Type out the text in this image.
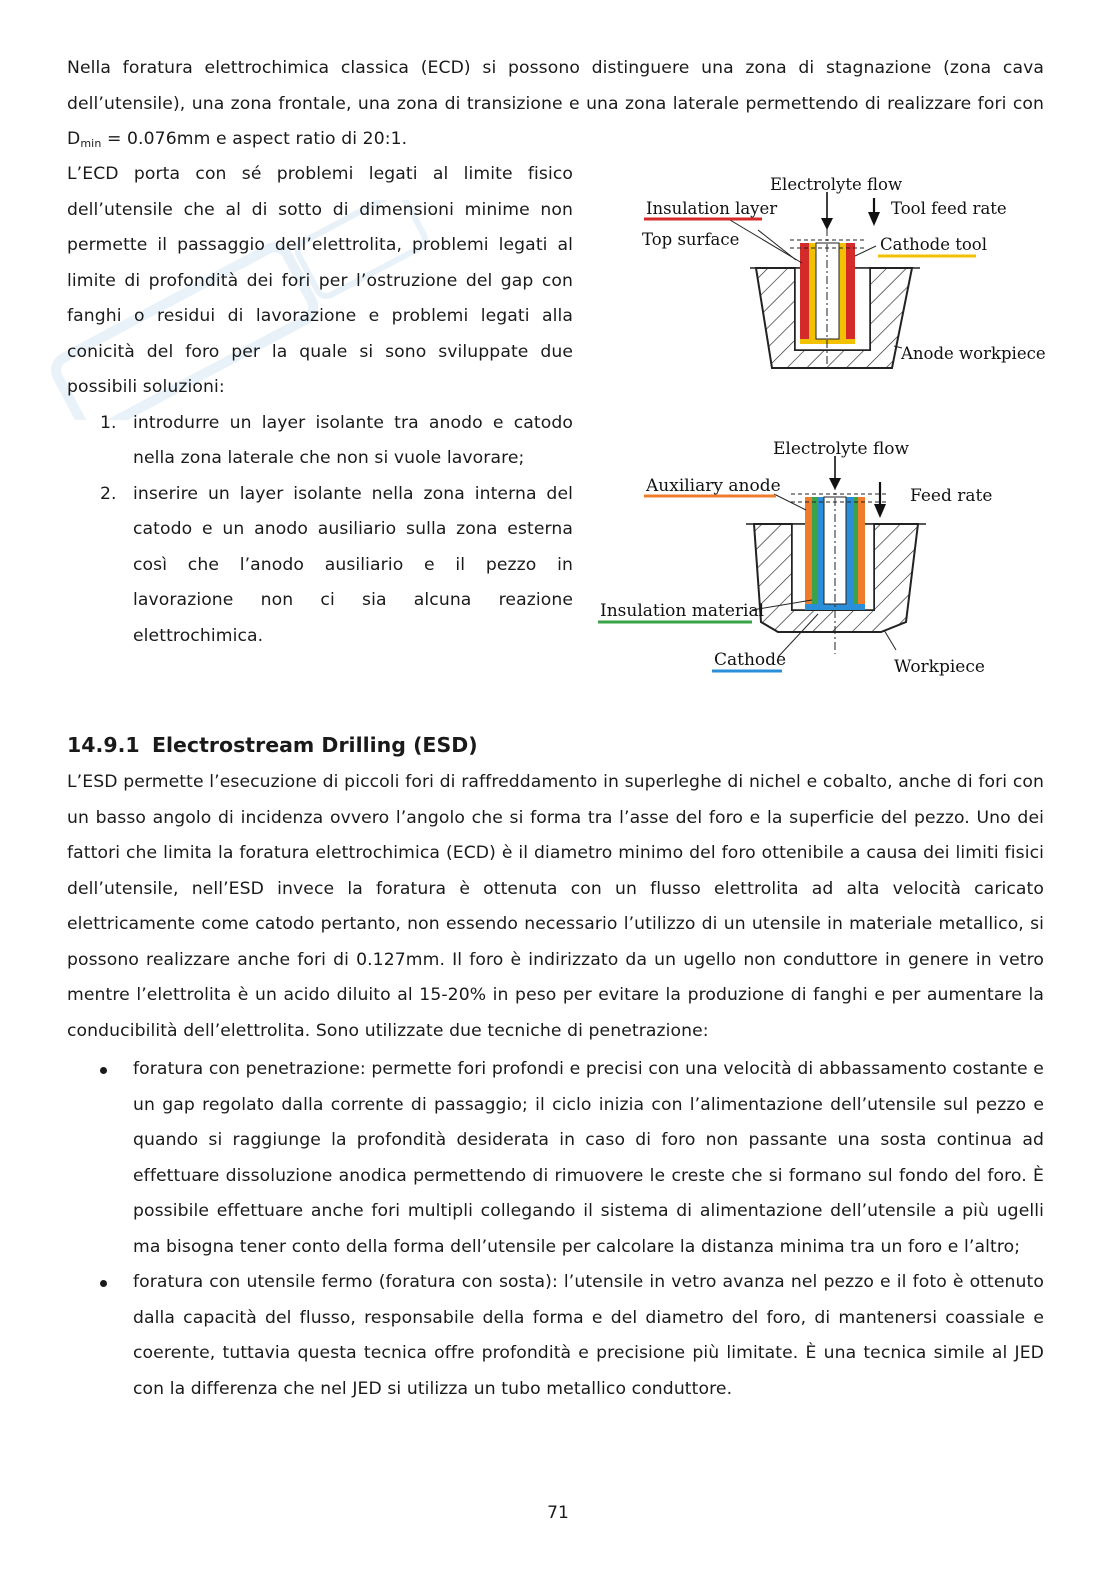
Nella foratura elettrochimica classica (ECD) si possono distinguere una zona di stagnazione (zona cava dell’utensile), una zona frontale, una zona di transizione e una zona laterale permettendo di realizzare fori con $D_{min} = 0.076mm$ e aspect ratio di 20:1.
L’ECD porta con sé problemi legati al limite fisico dell’utensile che al di sotto di dimensioni minime non permette il passaggio dell’elettrolita, problemi legati al limite di profondità dei fori per l’ostruzione del gap con fanghi o residui di lavorazione e problemi legati alla conicità del foro per la quale si sono sviluppate due possibili soluzioni:
1. introdurre un layer isolante tra anodo e catodo nella zona laterale che non si vuole lavorare;
2. inserire un layer isolante nella zona interna del catodo e un anodo ausiliario sulla zona esterna così che l’anodo ausiliario e il pezzo in lavorazione non ci sia alcuna reazione elettrochimica.
Electrolyte flow
Insulation layer	Tool feed rate
Top surface	Cathode tool
Anode workpiece
Electrolyte flow
Auxiliary anode	Feed rate
Insulation material
Cathode	Workpiece
14.9.1 Electrostream Drilling (ESD)
L’ESD permette l’esecuzione di piccoli fori di raffreddamento in superleghe di nichel e cobalto, anche di fori con un basso angolo di incidenza ovvero l’angolo che si forma tra l’asse del foro e la superficie del pezzo. Uno dei fattori che limita la foratura elettrochimica (ECD) è il diametro minimo del foro ottenibile a causa dei limiti fisici dell’utensile, nell’ESD invece la foratura è ottenuta con un flusso elettrolita ad alta velocità caricato elettricamente come catodo pertanto, non essendo necessario l’utilizzo di un utensile in materiale metallico, si possono realizzare anche fori di 0.127mm. Il foro è indirizzato da un ugello non conduttore in genere in vetro mentre l’elettrolita è un acido diluito al 15-20% in peso per evitare la produzione di fanghi e per aumentare la conducibilità dell’elettrolita. Sono utilizzate due tecniche di penetrazione:
foratura con penetrazione: permette fori profondi e precisi con una velocità di abbassamento costante e un gap regolato dalla corrente di passaggio; il ciclo inizia con l’alimentazione dell’utensile sul pezzo e quando si raggiunge la profondità desiderata in caso di foro non passante una sosta continua ad effettuare dissoluzione anodica permettendo di rimuovere le creste che si formano sul fondo del foro. È possibile effettuare anche fori multipli collegando il sistema di alimentazione dell’utensile a più ugelli ma bisogna tener conto della forma dell’utensile per calcolare la distanza minima tra un foro e l’altro;
foratura con utensile fermo (foratura con sosta): l’utensile in vetro avanza nel pezzo e il foto è ottenuto dalla capacità del flusso, responsabile della forma e del diametro del foro, di mantenersi coassiale e coerente, tuttavia questa tecnica offre profondità e precisione più limitate. È una tecnica simile al JED con la differenza che nel JED si utilizza un tubo metallico conduttore.
71
